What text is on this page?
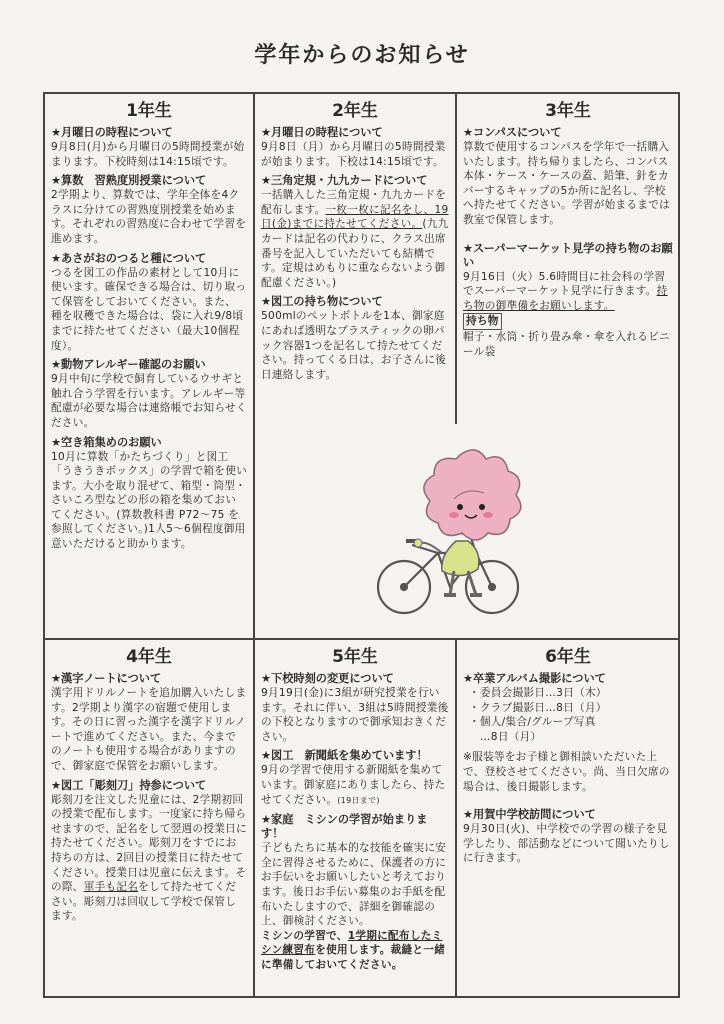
学年からのお知らせ
1年生
★月曜日の時程について
9月8日(月)から月曜日の5時間授業が始まります。下校時刻は14:15頃です。
★算数　習熟度別授業について
2学期より、算数では、学年全体を4クラスに分けての習熟度別授業を始めます。それぞれの習熟度に合わせて学習を進めます。
★あさがおのつると種について
つるを図工の作品の素材として10月に使います。確保できる場合は、切り取って保管をしておいてください。また、種を収穫できた場合は、袋に入れ9/8頃までに持たせてください（最大10個程度）。
★動物アレルギー確認のお願い
9月中旬に学校で飼育しているウサギと触れ合う学習を行います。アレルギー等配慮が必要な場合は連絡帳でお知らせください。
★空き箱集めのお願い
10月に算数「かたちづくり」と図工「うきうきボックス」の学習で箱を使います。大小を取り混ぜて、箱型・筒型・さいころ型などの形の箱を集めておいてください。(算数教科書 P72～75 を参照してください。)1人5～6個程度御用意いただけると助かります。
2年生
★月曜日の時程について
9月8日（月）から月曜日の5時間授業が始まります。下校は14:15頃です。
★三角定規・九九カードについて
一括購入した三角定規・九九カードを配布します。一枚一枚に記名をし、19日(金)までに持たせてください。(九九カードは記名の代わりに、クラス出席番号を記入していただいても結構です。定規はめもりに重ならないよう御配慮ください。)
★図工の持ち物について
500mlのペットボトルを1本、御家庭にあれば透明なプラスティックの卵パック容器1つを記名して持たせてください。持ってくる日は、お子さんに後日連絡します。
3年生
★コンパスについて
算数で使用するコンパスを学年で一括購入いたします。持ち帰りましたら、コンパス本体・ケース・ケースの蓋、鉛筆、針をカバーするキャップの5か所に記名し、学校へ持たせてください。学習が始まるまでは教室で保管します。
★スーパーマーケット見学の持ち物のお願い
9月16日（火）5.6時間目に社会科の学習でスーパーマーケット見学に行きます。持ち物の御準備をお願いします。
持ち物
帽子・水筒・折り畳み傘・傘を入れるビニール袋
4年生
★漢字ノートについて
漢字用ドリルノートを追加購入いたします。2学期より漢字の宿題で使用します。その日に習った漢字を漢字ドリルノートで進めてください。また、今までのノートも使用する場合がありますので、御家庭で保管をお願いします。
★図工「彫刻刀」持参について
彫刻刀を注文した児童には、2学期初回の授業で配布します。一度家に持ち帰らせますので、記名をして翌週の授業日に持たせてください。彫刻刀をすでにお持ちの方は、2回目の授業日に持たせてください。授業日は児童に伝えます。その際、軍手も記名をして持たせてください。彫刻刀は回収して学校で保管します。
5年生
★下校時刻の変更について
9月19日(金)に3組が研究授業を行います。それに伴い、3組は5時間授業後の下校となりますので御承知おきください。
★図工　新聞紙を集めています！
9月の学習で使用する新聞紙を集めています。御家庭にありましたら、持たせてください。(19日まで)
★家庭　ミシンの学習が始まります！
子どもたちに基本的な技能を確実に安全に習得させるために、保護者の方にお手伝いをお願いしたいと考えております。後日お手伝い募集のお手紙を配布いたしますので、詳細を御確認の上、御検討ください。
ミシンの学習で、1学期に配布したミシン練習布を使用します。裁縫と一緒に準備しておいてください。
6年生
★卒業アルバム撮影について
・委員会撮影日…3日（木）
・クラブ撮影日…8日（月）
・個人/集合/グループ写真
　…8日（月）
※服装等をお子様と御相談いただいた上で、登校させてください。尚、当日欠席の場合は、後日撮影します。
★用賀中学校訪問について
9月30日(火)、中学校での学習の様子を見学したり、部活動などについて聞いたりしに行きます。
